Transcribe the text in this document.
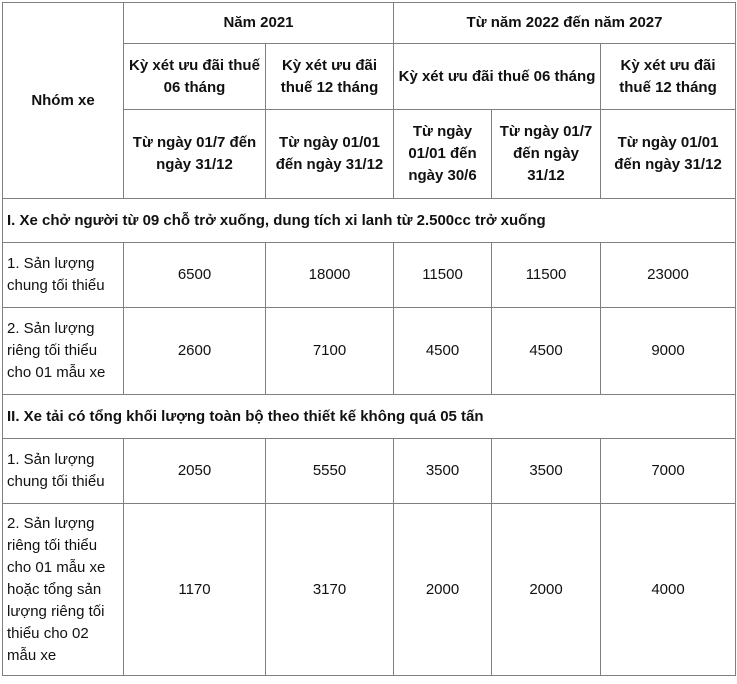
Nhóm xe	Năm 2021		Từ năm 2022 đến năm 2027		
	Kỳ xét ưu đãi thuế 06 tháng	Kỳ xét ưu đãi thuế 12 tháng	Kỳ xét ưu đãi thuế 06 tháng		Kỳ xét ưu đãi thuế 12 tháng
	Từ ngày 01/7 đến ngày 31/12	Từ ngày 01/01 đến ngày 31/12	Từ ngày 01/01 đến ngày 30/6	Từ ngày 01/7 đến ngày 31/12	Từ ngày 01/01 đến ngày 31/12
I. Xe chở người từ 09 chỗ trở xuống, dung tích xi lanh từ 2.500cc trở xuống					
1. Sản lượng chung tối thiểu	6500	18000	11500	11500	23000
2. Sản lượng riêng tối thiểu cho 01 mẫu xe	2600	7100	4500	4500	9000
II. Xe tải có tổng khối lượng toàn bộ theo thiết kế không quá 05 tấn					
1. Sản lượng chung tối thiểu	2050	5550	3500	3500	7000
2. Sản lượng riêng tối thiểu cho 01 mẫu xe hoặc tổng sản lượng riêng tối thiểu cho 02 mẫu xe	1170	3170	2000	2000	4000
